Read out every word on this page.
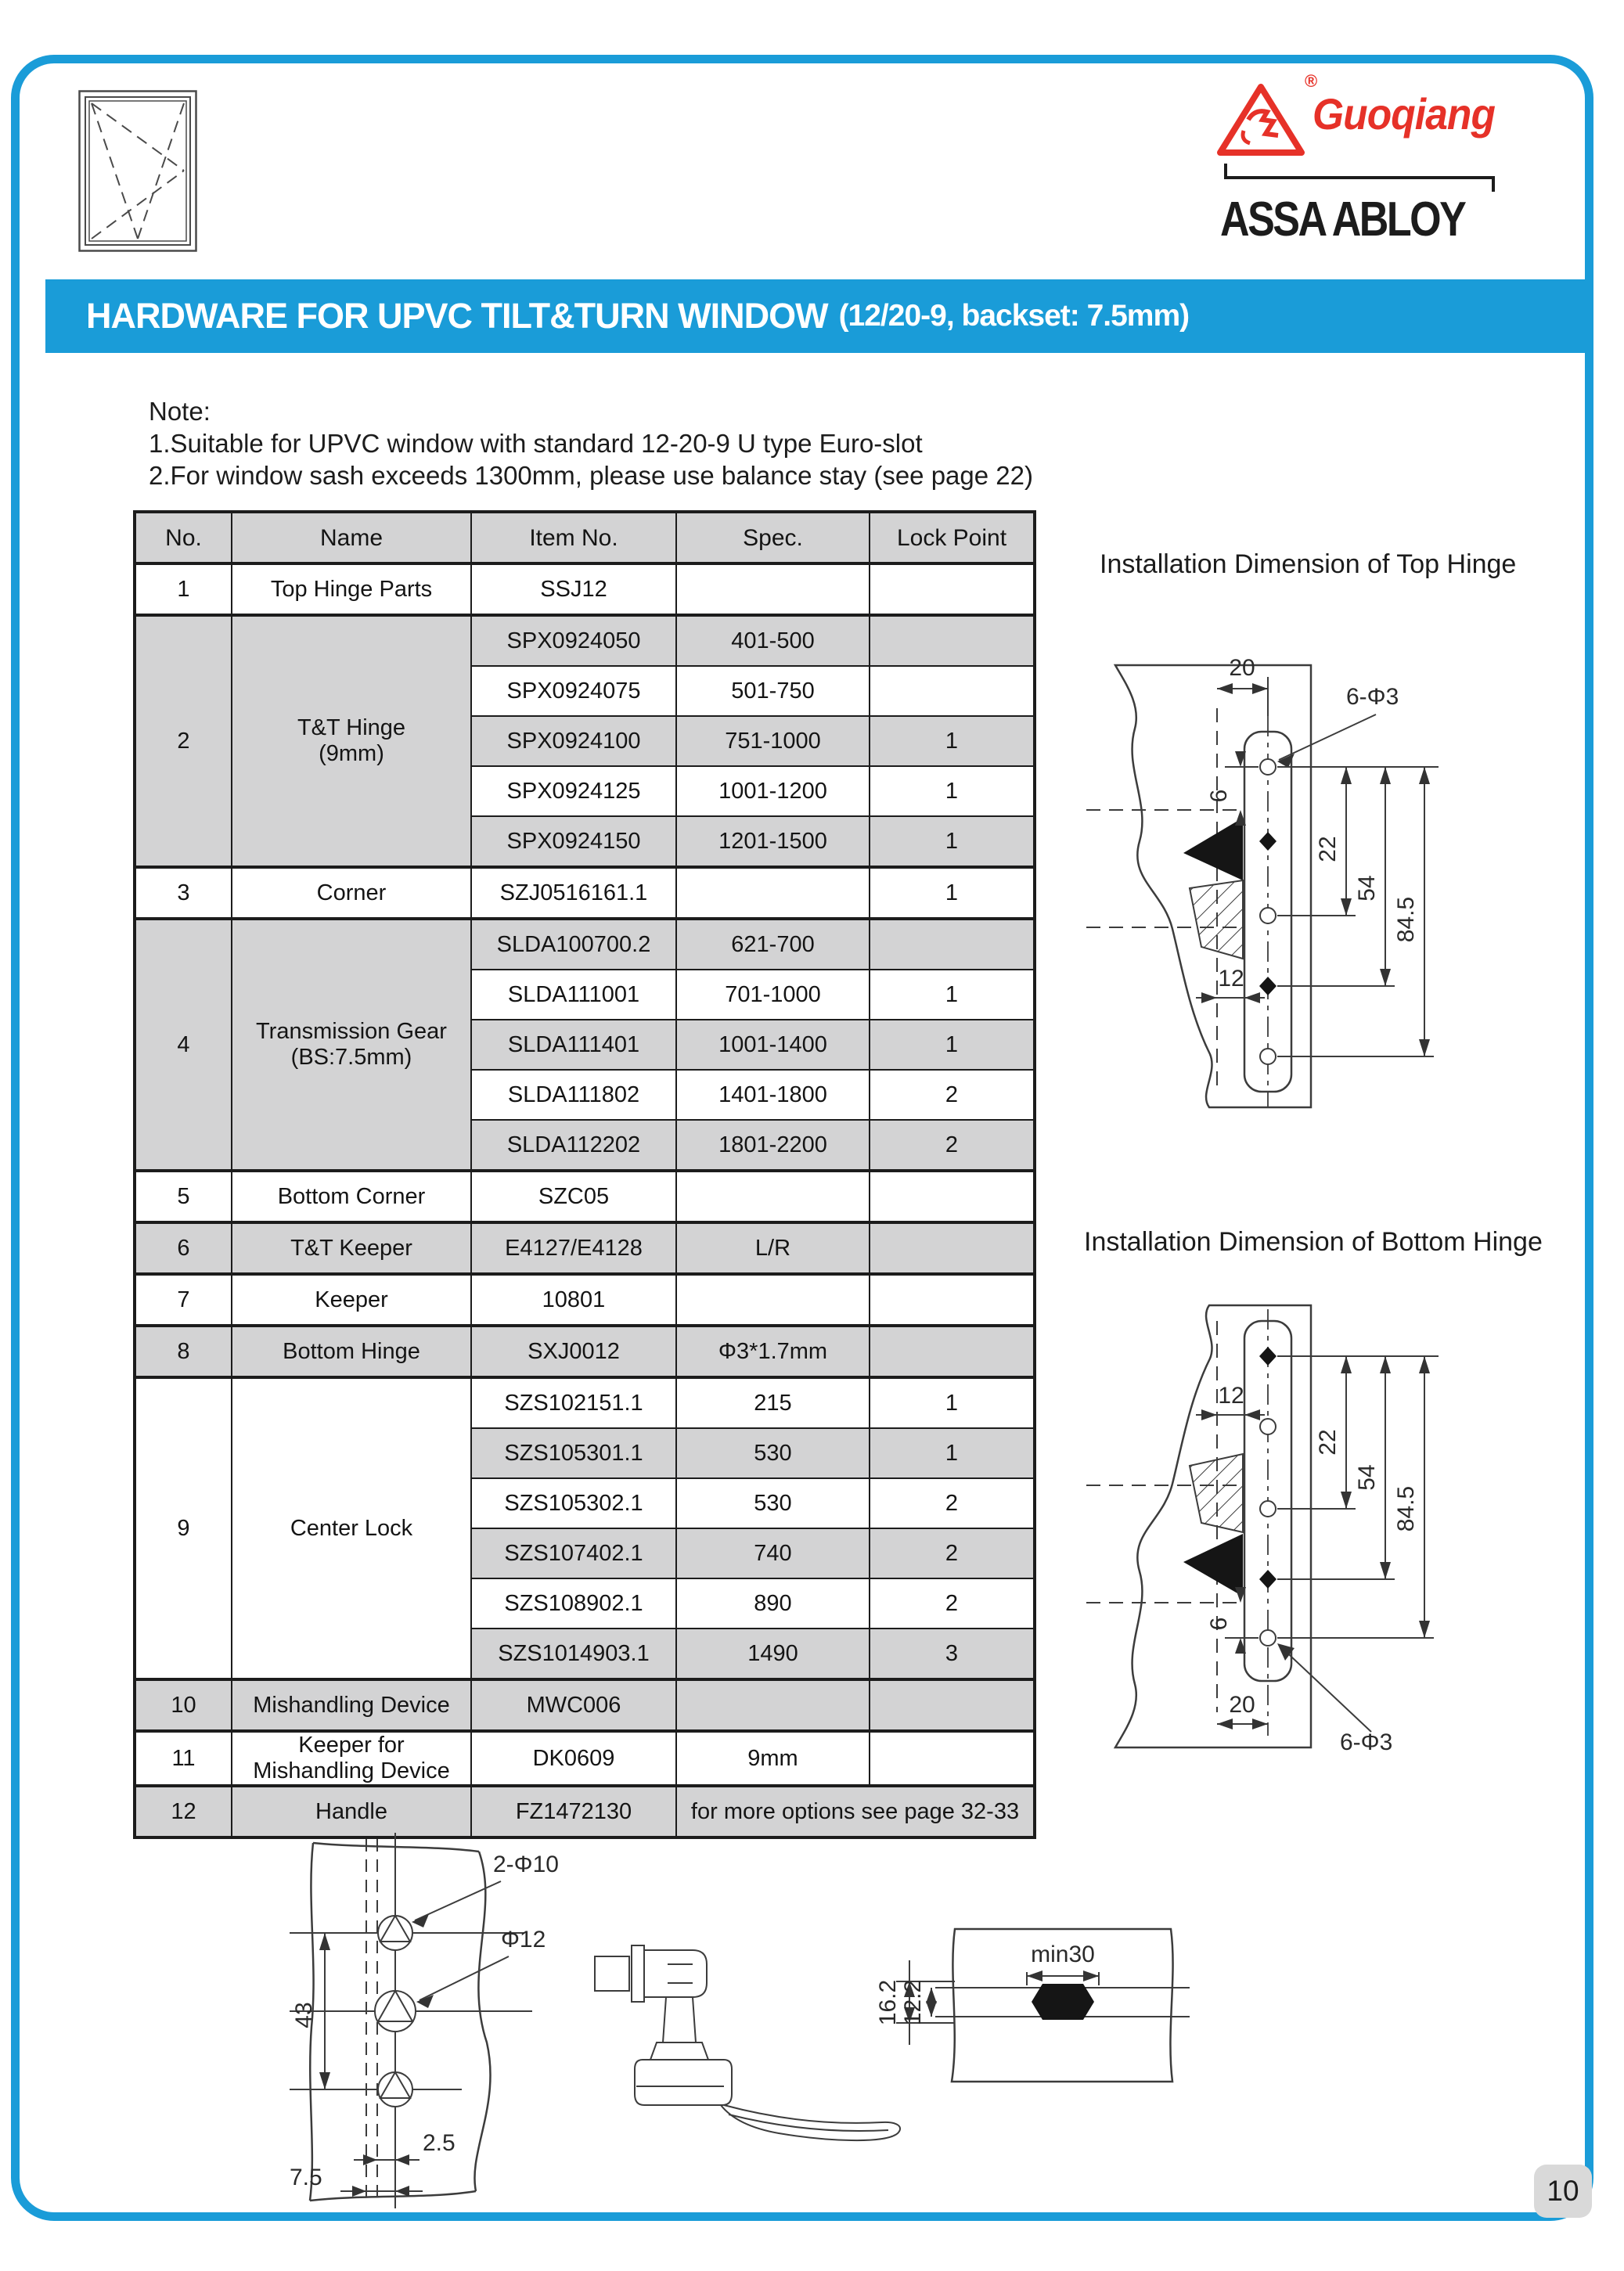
®
Guoqiang
ASSA ABLOY
HARDWARE FOR UPVC TILT&TURN WINDOW (12/20-9, backset: 7.5mm)
Note:
1.Suitable for UPVC window with standard 12-20-9 U type Euro-slot
2.For window sash exceeds 1300mm, please use balance stay (see page 22)
No.	Name	Item No.	Spec.	Lock Point
1	Top Hinge Parts	SSJ12		
2	T&T Hinge
(9mm)	SPX0924050	401-500	
		SPX0924075	501-750	
		SPX0924100	751-1000	1
		SPX0924125	1001-1200	1
		SPX0924150	1201-1500	1
3	Corner	SZJ0516161.1		1
4	Transmission Gear
(BS:7.5mm)	SLDA100700.2	621-700	
		SLDA111001	701-1000	1
		SLDA111401	1001-1400	1
		SLDA111802	1401-1800	2
		SLDA112202	1801-2200	2
5	Bottom Corner	SZC05		
6	T&T Keeper	E4127/E4128	L/R	
7	Keeper	10801		
8	Bottom Hinge	SXJ0012	Φ3*1.7mm	
9	Center Lock	SZS102151.1	215	1
		SZS105301.1	530	1
		SZS105302.1	530	2
		SZS107402.1	740	2
		SZS108902.1	890	2
		SZS1014903.1	1490	3
10	Mishandling Device	MWC006		
11	Keeper for
Mishandling Device	DK0609	9mm	
12	Handle	FZ1472130	for more options see page 32-33	
Installation Dimension of Top Hinge
20
6-Φ3
6
12
22
54
84.5
Installation Dimension of Bottom Hinge
12
6
20
6-Φ3
22
54
84.5
2-Φ10
Φ12
43
2.5
7.5
min30
16.2 12.2
10
